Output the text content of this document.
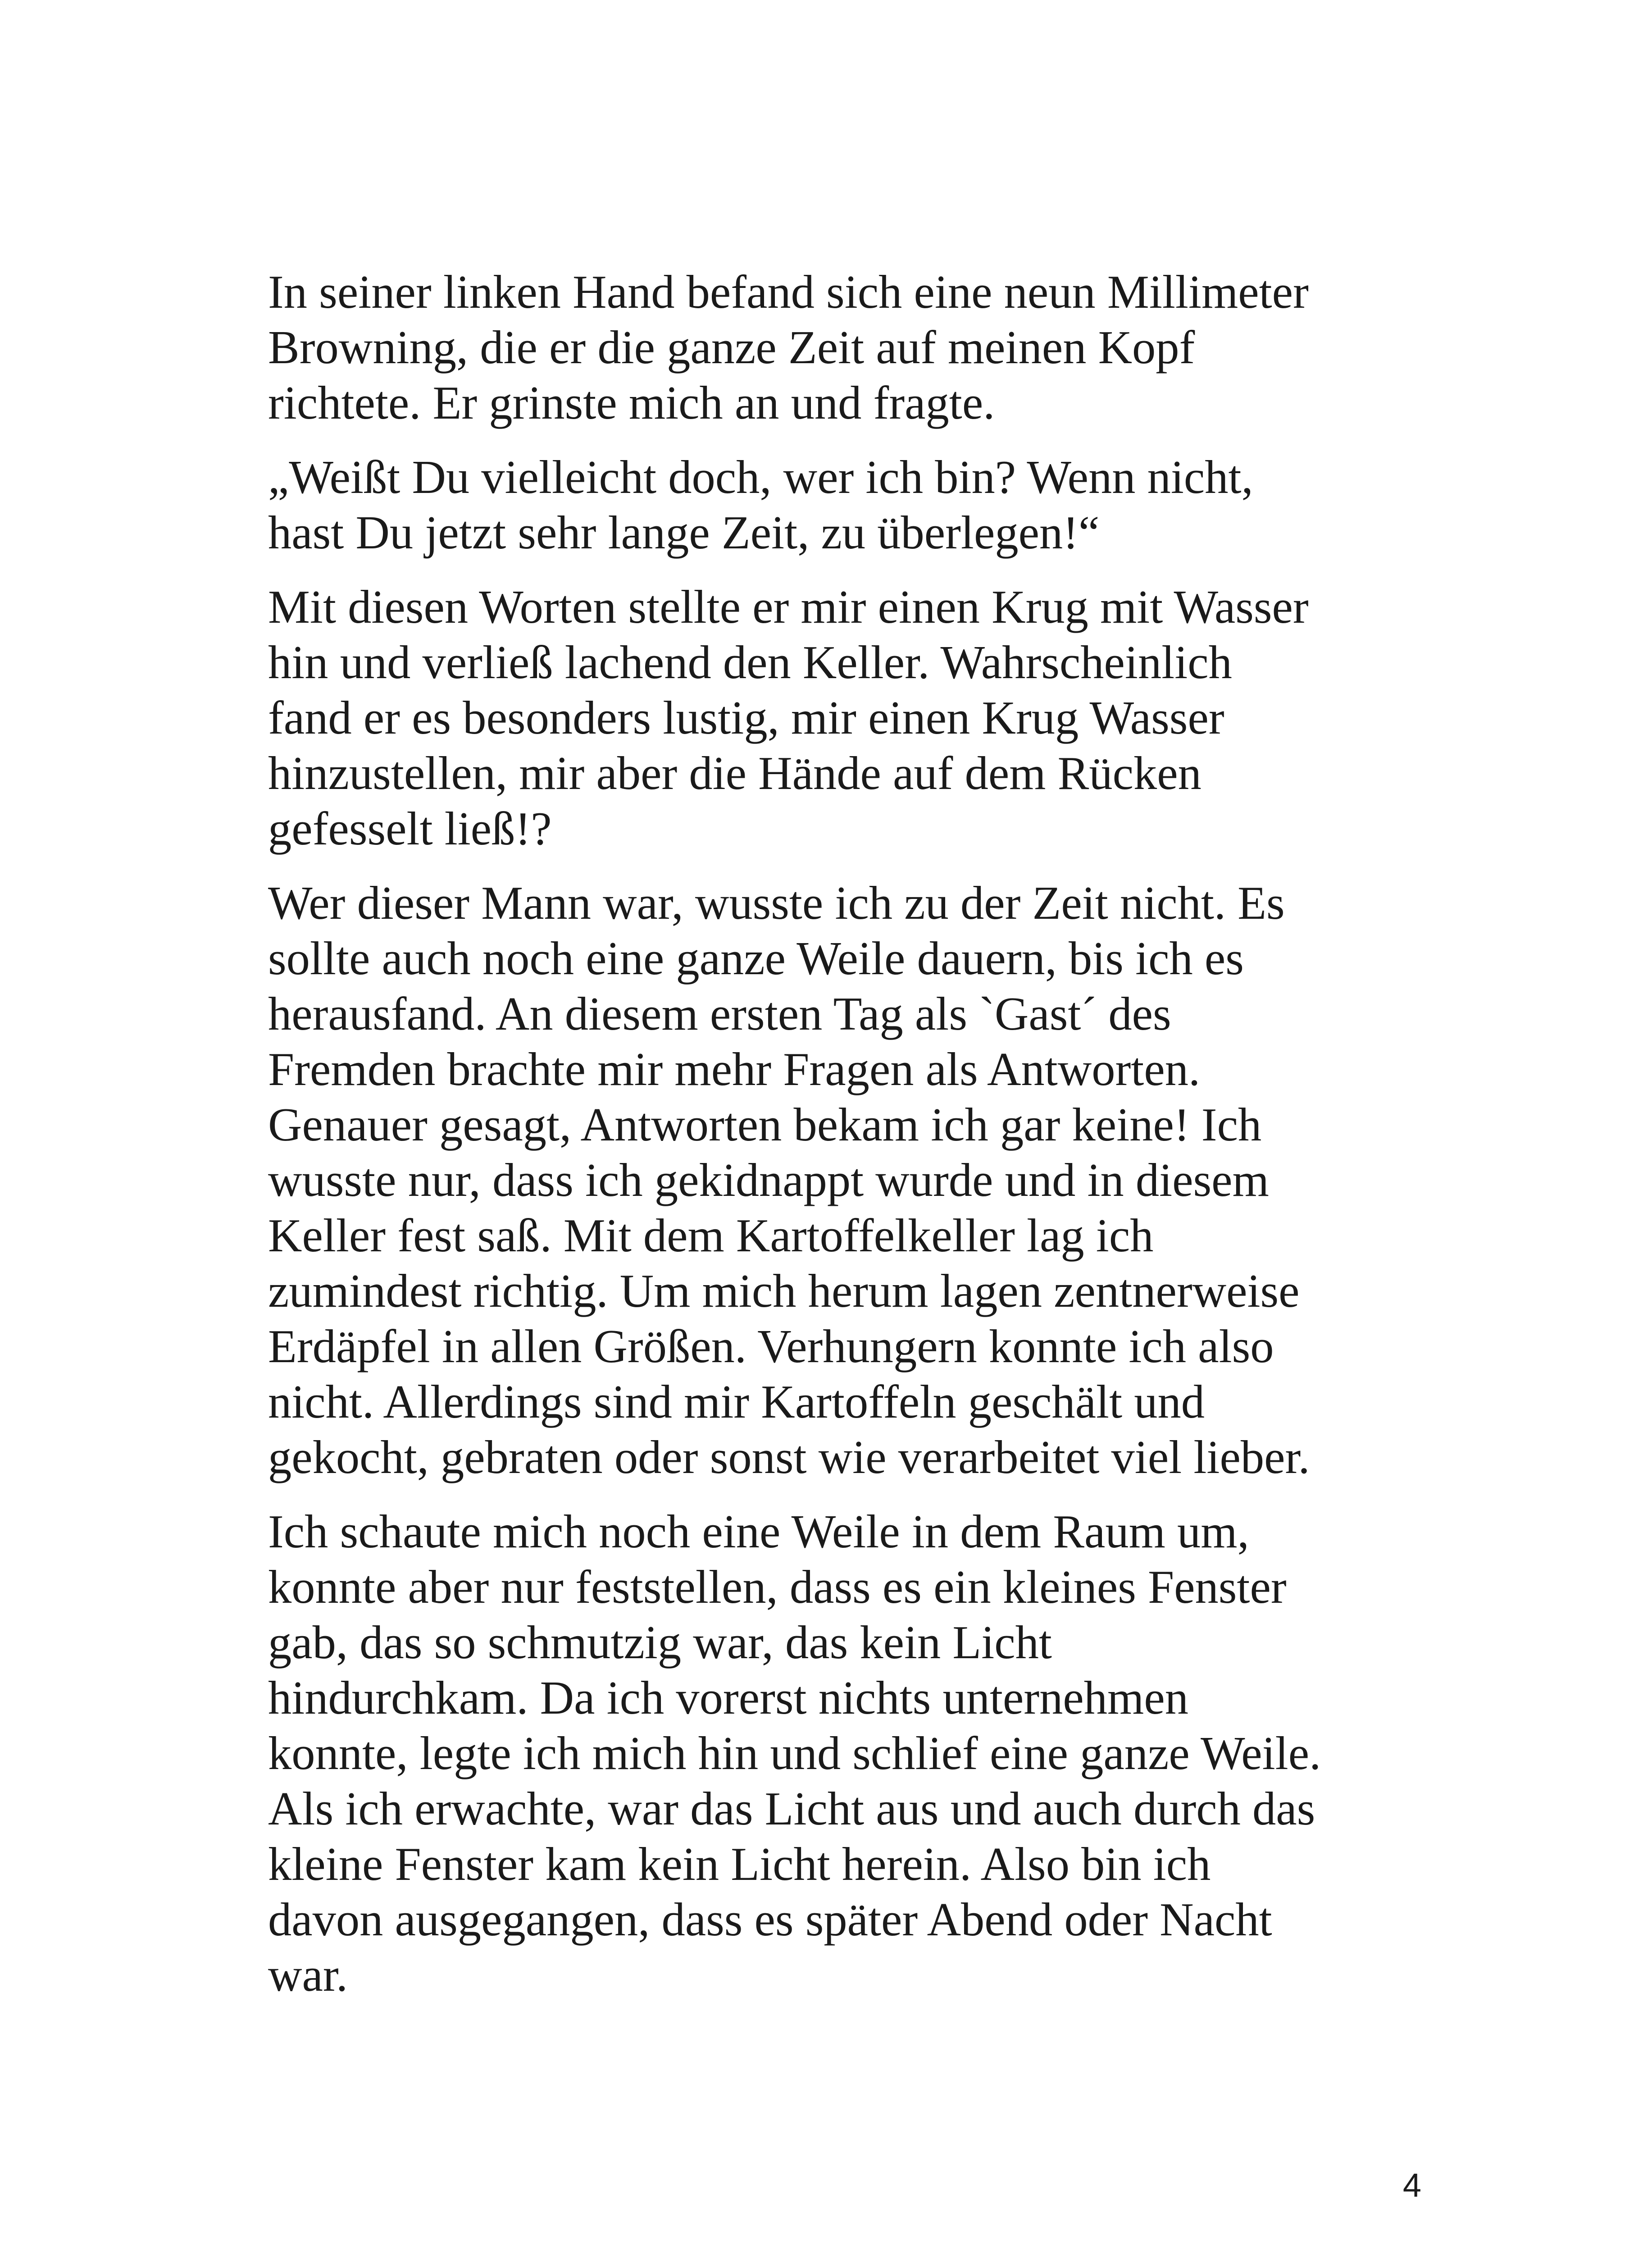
In seiner linken Hand befand sich eine neun Millimeter
Browning, die er die ganze Zeit auf meinen Kopf
richtete. Er grinste mich an und fragte.

„Weißt Du vielleicht doch, wer ich bin? Wenn nicht,
hast Du jetzt sehr lange Zeit, zu überlegen!“

Mit diesen Worten stellte er mir einen Krug mit Wasser
hin und verließ lachend den Keller. Wahrscheinlich
fand er es besonders lustig, mir einen Krug Wasser
hinzustellen, mir aber die Hände auf dem Rücken
gefesselt ließ!?

Wer dieser Mann war, wusste ich zu der Zeit nicht. Es
sollte auch noch eine ganze Weile dauern, bis ich es
herausfand. An diesem ersten Tag als `Gast´ des
Fremden brachte mir mehr Fragen als Antworten.
Genauer gesagt, Antworten bekam ich gar keine! Ich
wusste nur, dass ich gekidnappt wurde und in diesem
Keller fest saß. Mit dem Kartoffelkeller lag ich
zumindest richtig. Um mich herum lagen zentnerweise
Erdäpfel in allen Größen. Verhungern konnte ich also
nicht. Allerdings sind mir Kartoffeln geschält und
gekocht, gebraten oder sonst wie verarbeitet viel lieber.

Ich schaute mich noch eine Weile in dem Raum um,
konnte aber nur feststellen, dass es ein kleines Fenster
gab, das so schmutzig war, das kein Licht
hindurchkam. Da ich vorerst nichts unternehmen
konnte, legte ich mich hin und schlief eine ganze Weile.
Als ich erwachte, war das Licht aus und auch durch das
kleine Fenster kam kein Licht herein. Also bin ich
davon ausgegangen, dass es später Abend oder Nacht
war.

4
